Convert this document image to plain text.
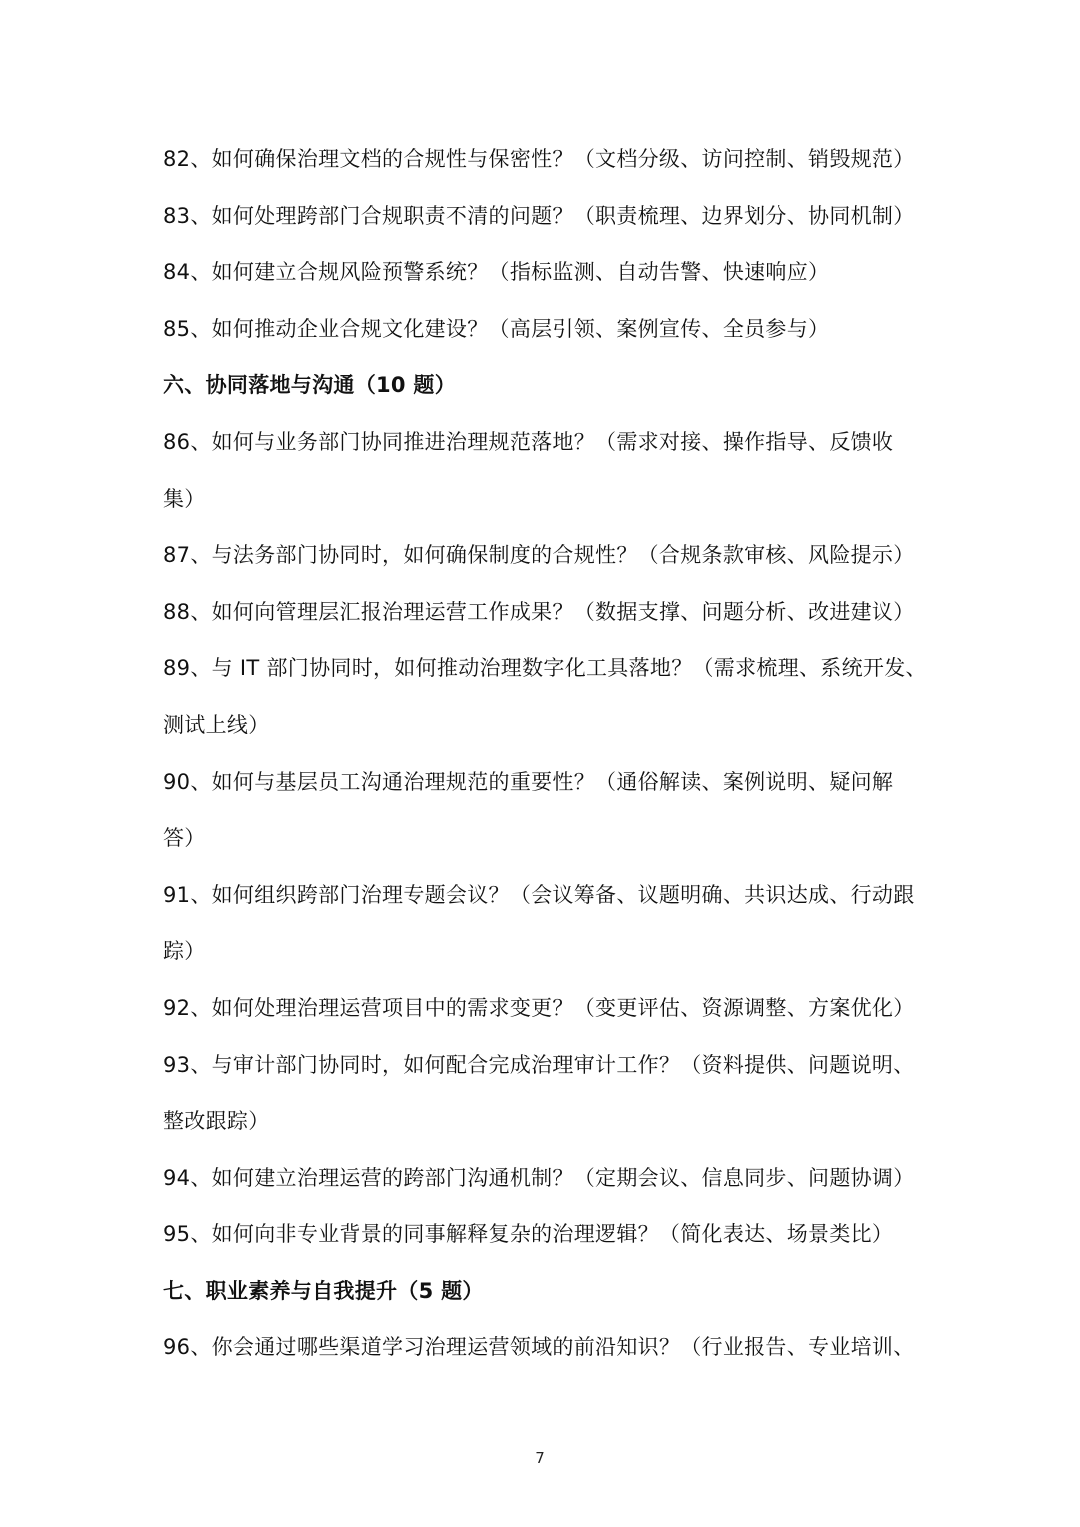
82、如何确保治理文档的合规性与保密性？（文档分级、访问控制、销毁规范）
83、如何处理跨部门合规职责不清的问题？（职责梳理、边界划分、协同机制）
84、如何建立合规风险预警系统？（指标监测、自动告警、快速响应）
85、如何推动企业合规文化建设？（高层引领、案例宣传、全员参与）
六、协同落地与沟通（10 题）
86、如何与业务部门协同推进治理规范落地？（需求对接、操作指导、反馈收
集）
87、与法务部门协同时，如何确保制度的合规性？（合规条款审核、风险提示）
88、如何向管理层汇报治理运营工作成果？（数据支撑、问题分析、改进建议）
89、与 IT 部门协同时，如何推动治理数字化工具落地？（需求梳理、系统开发、
测试上线）
90、如何与基层员工沟通治理规范的重要性？（通俗解读、案例说明、疑问解
答）
91、如何组织跨部门治理专题会议？（会议筹备、议题明确、共识达成、行动跟
踪）
92、如何处理治理运营项目中的需求变更？（变更评估、资源调整、方案优化）
93、与审计部门协同时，如何配合完成治理审计工作？（资料提供、问题说明、
整改跟踪）
94、如何建立治理运营的跨部门沟通机制？（定期会议、信息同步、问题协调）
95、如何向非专业背景的同事解释复杂的治理逻辑？（简化表达、场景类比）
七、职业素养与自我提升（5 题）
96、你会通过哪些渠道学习治理运营领域的前沿知识？（行业报告、专业培训、
7
